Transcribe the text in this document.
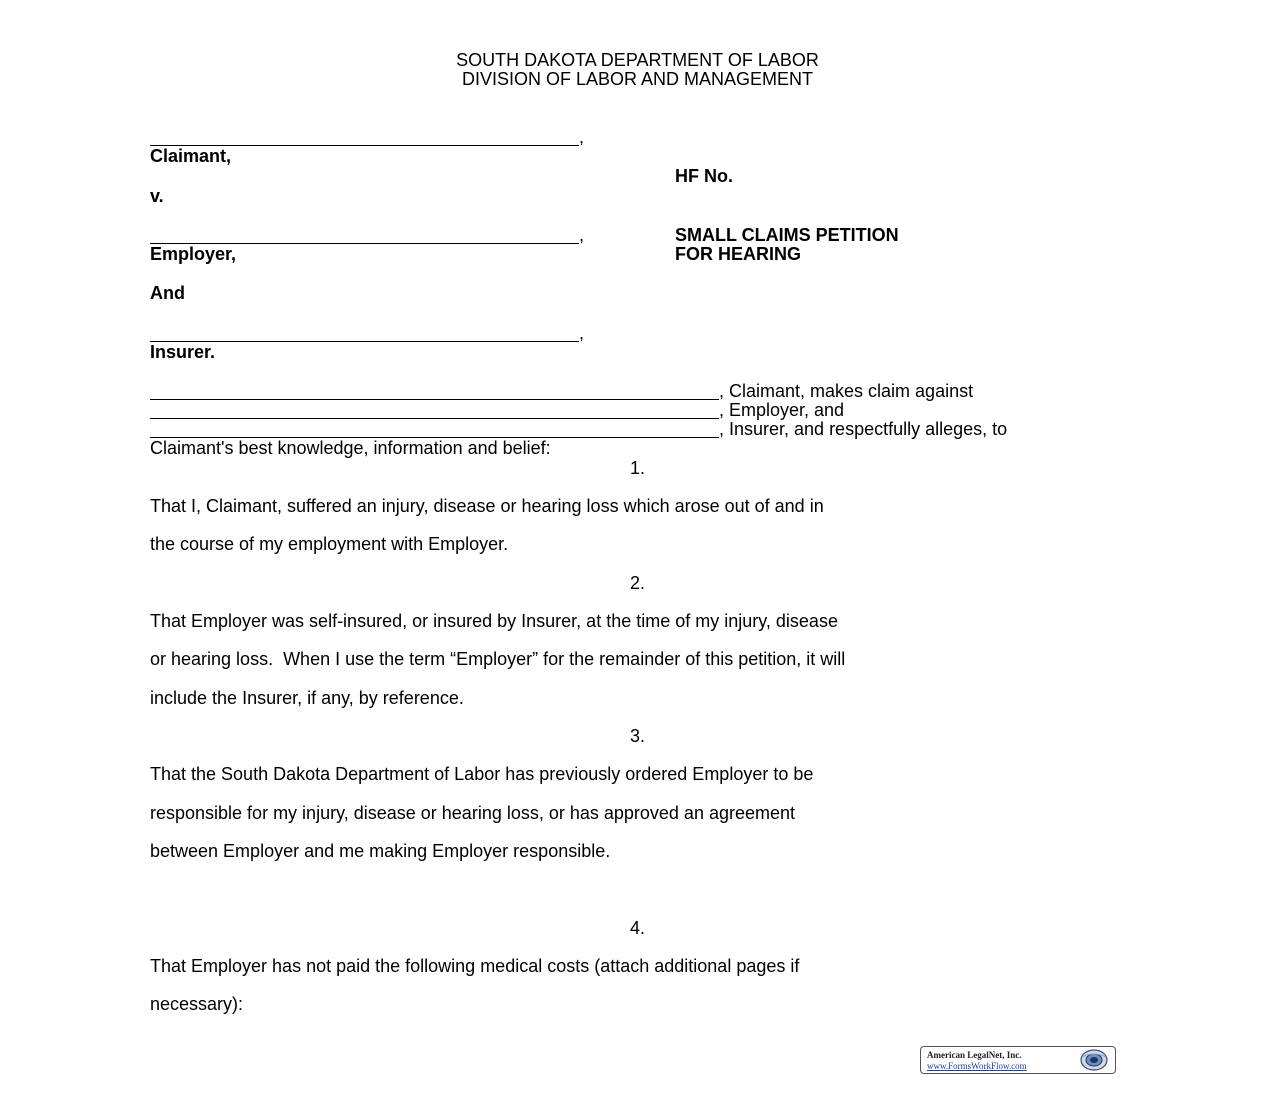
SOUTH DAKOTA DEPARTMENT OF LABOR
DIVISION OF LABOR AND MANAGEMENT
,
Claimant,
HF No.
v.
,
Employer,
SMALL CLAIMS PETITION
FOR HEARING
And
,
Insurer.
, Claimant, makes claim against
, Employer, and
, Insurer, and respectfully alleges, to
Claimant's best knowledge, information and belief:
1.
That I, Claimant, suffered an injury, disease or hearing loss which arose out of and in
the course of my employment with Employer.
2.
That Employer was self-insured, or insured by Insurer, at the time of my injury, disease
or hearing loss.  When I use the term “Employer” for the remainder of this petition, it will
include the Insurer, if any, by reference.
3.
That the South Dakota Department of Labor has previously ordered Employer to be
responsible for my injury, disease or hearing loss, or has approved an agreement
between Employer and me making Employer responsible.
4.
That Employer has not paid the following medical costs (attach additional pages if
necessary):
American LegalNet, Inc.
www.FormsWorkFlow.com
